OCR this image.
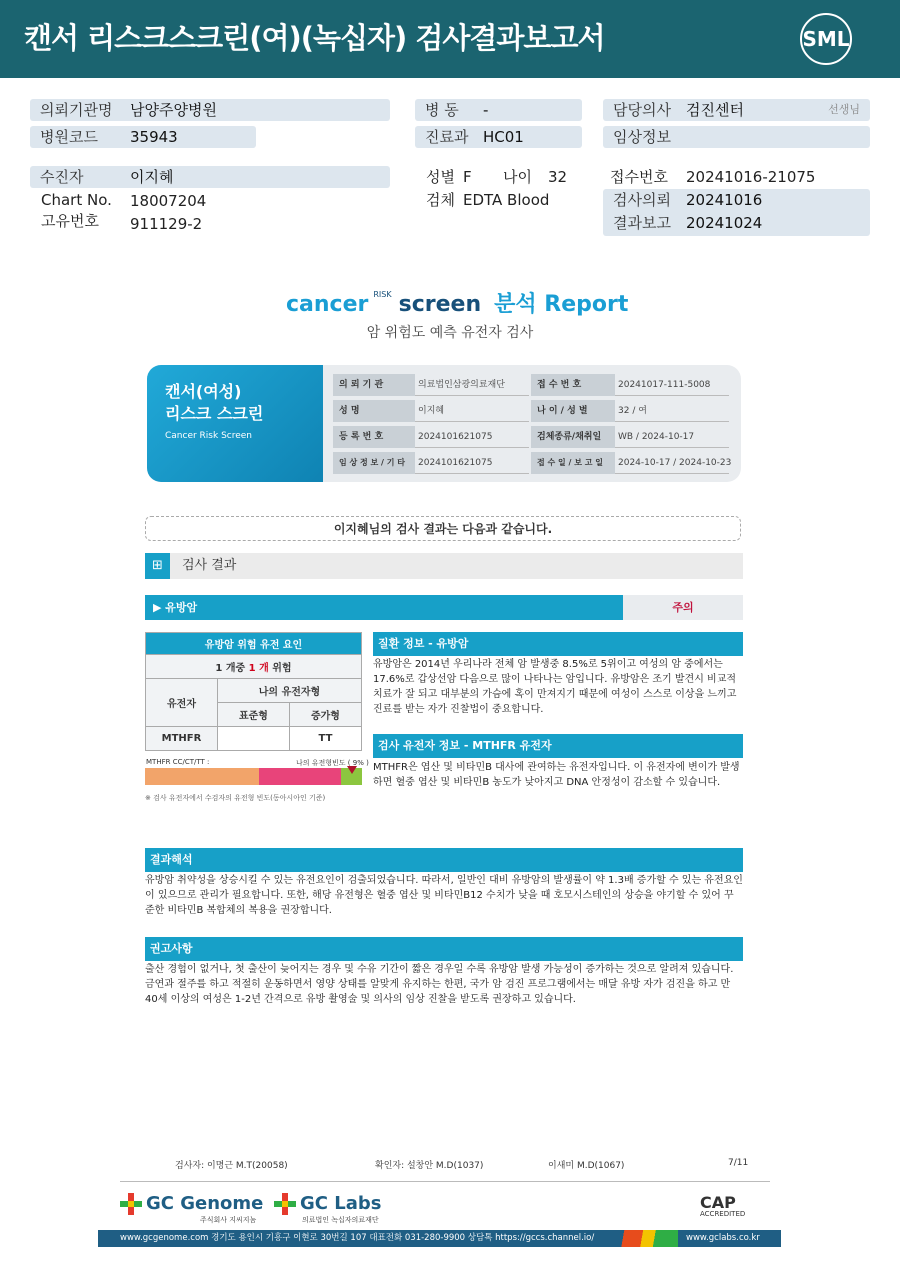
캔서 리스크스크린(여)(녹십자) 검사결과보고서	SML
의뢰기관명 남양주양병원
병원코드 35943
수진자	이지혜
Chart No. 18007204
고유번호 911129-2
병 동 -
진료과 HC01
성별 F 나이 32
검체 EDTA Blood
담당의사 검진센터	선생님
임상정보
접수번호 20241016-21075
검사의뢰 20241016
결과보고 20241024
cancer $^{RISK}$ screen 분석 Report
암 위험도 예측 유전자 검사
캔서(여성)
리스크 스크린
Cancer Risk Screen
의 뢰 기 관	의료법인삼광의료재단
성 명	이지혜
등 록 번 호	2024101621075
임 상 정 보 / 기 타	2024101621075
접 수 번 호	20241017-111-5008
나 이 / 성 별	32 / 여
검체종류/채취일	WB / 2024-10-17
접 수 일 / 보 고 일	2024-10-17 / 2024-10-23
이지혜님의 검사 결과는 다음과 같습니다.
⊞	검사 결과
▶ 유방암	주의
유방암 위험 유전 요인		
1 개중 1 개 위험		
유전자	나의 유전자형	
	표준형	증가형
MTHFR		TT
MTHFR CC/CT/TT :	나의 유전형빈도 ( 9% )
※ 검사 유전자에서 수검자의 유전형 빈도(동아시아인 기준)
질환 정보 - 유방암
유방암은 2014년 우리나라 전체 암 발생중 8.5%로 5위이고 여성의 암 중에서는 17.6%로 갑상선암 다음으로 많이 나타나는 암입니다. 유방암은 조기 발견시 비교적 치료가 잘 되고 대부분의 가슴에 혹이 만져지기 때문에 여성이 스스로 이상을 느끼고 진료를 받는 자가 진찰법이 중요합니다.
검사 유전자 정보 - MTHFR 유전자
MTHFR은 엽산 및 비타민B 대사에 관여하는 유전자입니다. 이 유전자에 변이가 발생하면 혈중 엽산 및 비타민B 농도가 낮아지고 DNA 안정성이 감소할 수 있습니다.
결과해석
유방암 취약성을 상승시킬 수 있는 유전요인이 검출되었습니다. 따라서, 일반인 대비 유방암의 발생률이 약 1.3배 증가할 수 있는 유전요인이 있으므로 관리가 필요합니다. 또한, 해당 유전형은 혈중 엽산 및 비타민B12 수치가 낮을 때 호모시스테인의 상승을 야기할 수 있어 꾸준한 비타민B 복합체의 복용을 권장합니다.
권고사항
출산 경험이 없거나, 첫 출산이 늦어지는 경우 및 수유 기간이 짧은 경우일 수록 유방암 발생 가능성이 증가하는 것으로 알려져 있습니다. 금연과 절주를 하고 적절히 운동하면서 영양 상태를 알맞게 유지하는 한편, 국가 암 검진 프로그램에서는 매달 유방 자가 검진을 하고 만 40세 이상의 여성은 1-2년 간격으로 유방 촬영술 및 의사의 임상 진찰을 받도록 권장하고 있습니다.
검사자: 이명근 M.T(20058)	확인자: 설창안 M.D(1037)	이새미 M.D(1067)	7/11
GC Genome
주식회사 지씨지놈
GC Labs
의료법인 녹십자의료재단
CAP
ACCREDITED
www.gcgenome.com 경기도 용인시 기흥구 이현로 30번길 107 대표전화 031-280-9900 상담톡 https://gccs.channel.io/	www.gclabs.co.kr
